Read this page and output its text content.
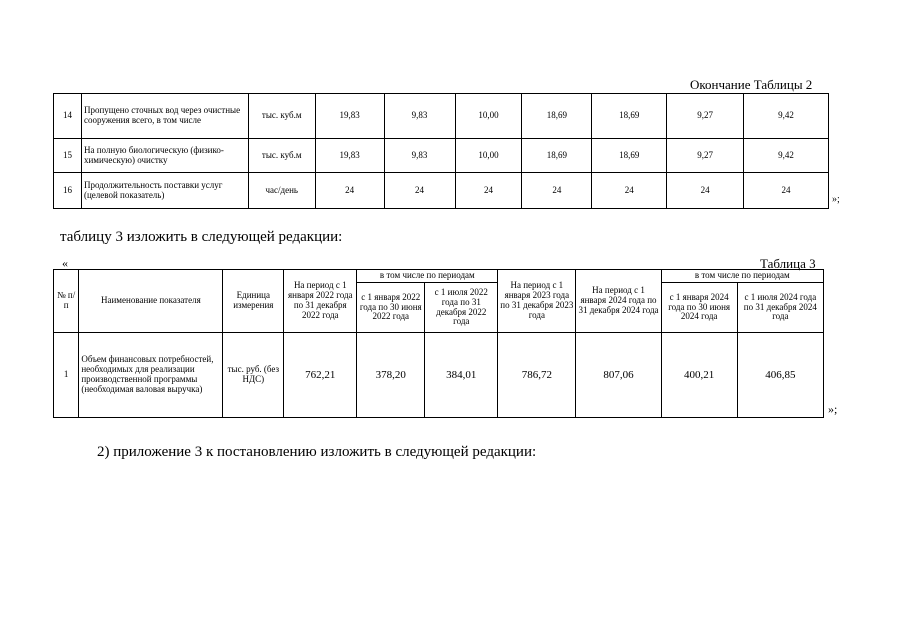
Окончание Таблицы 2
14	Пропущено сточных вод через очистные сооружения всего, в том числе	тыс. куб.м	19,83	9,83	10,00	18,69	18,69	9,27	9,42
15	На полную биологическую (физико-химическую) очистку	тыс. куб.м	19,83	9,83	10,00	18,69	18,69	9,27	9,42
16	Продолжительность поставки услуг (целевой показатель)	час/день	24	24	24	24	24	24	24
»;
таблицу 3 изложить в следующей редакции:
«	Таблица 3
№ п/п	Наименование показателя	Единица измерения	На период с 1 января 2022 года по 31 декабря 2022 года	в том числе по периодам		На период с 1 января 2023 года по 31 декабря 2023 года	На период с 1 января 2024 года по 31 декабря 2024 года	в том числе по периодам	
				с 1 января 2022 года по 30 июня 2022 года	с 1 июля 2022 года по 31 декабря 2022 года			с 1 января 2024 года по 30 июня 2024 года	с 1 июля 2024 года по 31 декабря 2024 года
1	Объем финансовых потребностей, необходимых для реализации производственной программы (необходимая валовая выручка)	тыс. руб. (без НДС)	762,21	378,20	384,01	786,72	807,06	400,21	406,85
»;
2) приложение 3 к постановлению изложить в следующей редакции:
